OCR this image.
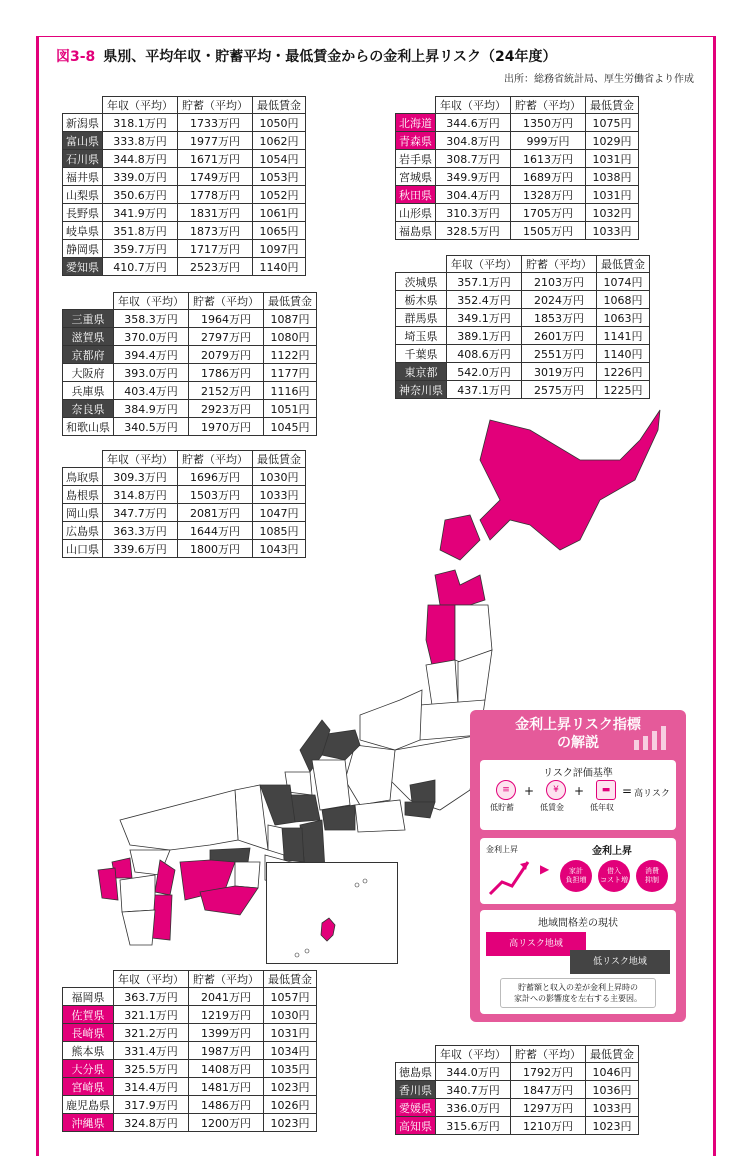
図3-8 県別、平均年収・貯蓄平均・最低賃金からの金利上昇リスク（24年度）
出所：総務省統計局、厚生労働省より作成
	年収（平均）	貯蓄（平均）	最低賃金
新潟県	318.1万円	1733万円	1050円
富山県	333.8万円	1977万円	1062円
石川県	344.8万円	1671万円	1054円
福井県	339.0万円	1749万円	1053円
山梨県	350.6万円	1778万円	1052円
長野県	341.9万円	1831万円	1061円
岐阜県	351.8万円	1873万円	1065円
静岡県	359.7万円	1717万円	1097円
愛知県	410.7万円	2523万円	1140円
	年収（平均）	貯蓄（平均）	最低賃金
三重県	358.3万円	1964万円	1087円
滋賀県	370.0万円	2797万円	1080円
京都府	394.4万円	2079万円	1122円
大阪府	393.0万円	1786万円	1177円
兵庫県	403.4万円	2152万円	1116円
奈良県	384.9万円	2923万円	1051円
和歌山県	340.5万円	1970万円	1045円
	年収（平均）	貯蓄（平均）	最低賃金
鳥取県	309.3万円	1696万円	1030円
島根県	314.8万円	1503万円	1033円
岡山県	347.7万円	2081万円	1047円
広島県	363.3万円	1644万円	1085円
山口県	339.6万円	1800万円	1043円
	年収（平均）	貯蓄（平均）	最低賃金
北海道	344.6万円	1350万円	1075円
青森県	304.8万円	999万円	1029円
岩手県	308.7万円	1613万円	1031円
宮城県	349.9万円	1689万円	1038円
秋田県	304.4万円	1328万円	1031円
山形県	310.3万円	1705万円	1032円
福島県	328.5万円	1505万円	1033円
	年収（平均）	貯蓄（平均）	最低賃金
茨城県	357.1万円	2103万円	1074円
栃木県	352.4万円	2024万円	1068円
群馬県	349.1万円	1853万円	1063円
埼玉県	389.1万円	2601万円	1141円
千葉県	408.6万円	2551万円	1140円
東京都	542.0万円	3019万円	1226円
神奈川県	437.1万円	2575万円	1225円
	年収（平均）	貯蓄（平均）	最低賃金
福岡県	363.7万円	2041万円	1057円
佐賀県	321.1万円	1219万円	1030円
長崎県	321.2万円	1399万円	1031円
熊本県	331.4万円	1987万円	1034円
大分県	325.5万円	1408万円	1035円
宮崎県	314.4万円	1481万円	1023円
鹿児島県	317.9万円	1486万円	1026円
沖縄県	324.8万円	1200万円	1023円
	年収（平均）	貯蓄（平均）	最低賃金
徳島県	344.0万円	1792万円	1046円
香川県	340.7万円	1847万円	1036円
愛媛県	336.0万円	1297万円	1033円
高知県	315.6万円	1210万円	1023円
金利上昇リスク指標
の解説
リスク評価基準
≡
低貯蓄
+	¥
低賃金
+	▬
低年収
= 高リスク
金利上昇
▶
金利上昇
家計
負担増
借入
コスト増
消費
抑制
地域間格差の現状
高リスク地域
低リスク地域
貯蓄額と収入の差が金利上昇時の
家計への影響度を左右する主要因。
